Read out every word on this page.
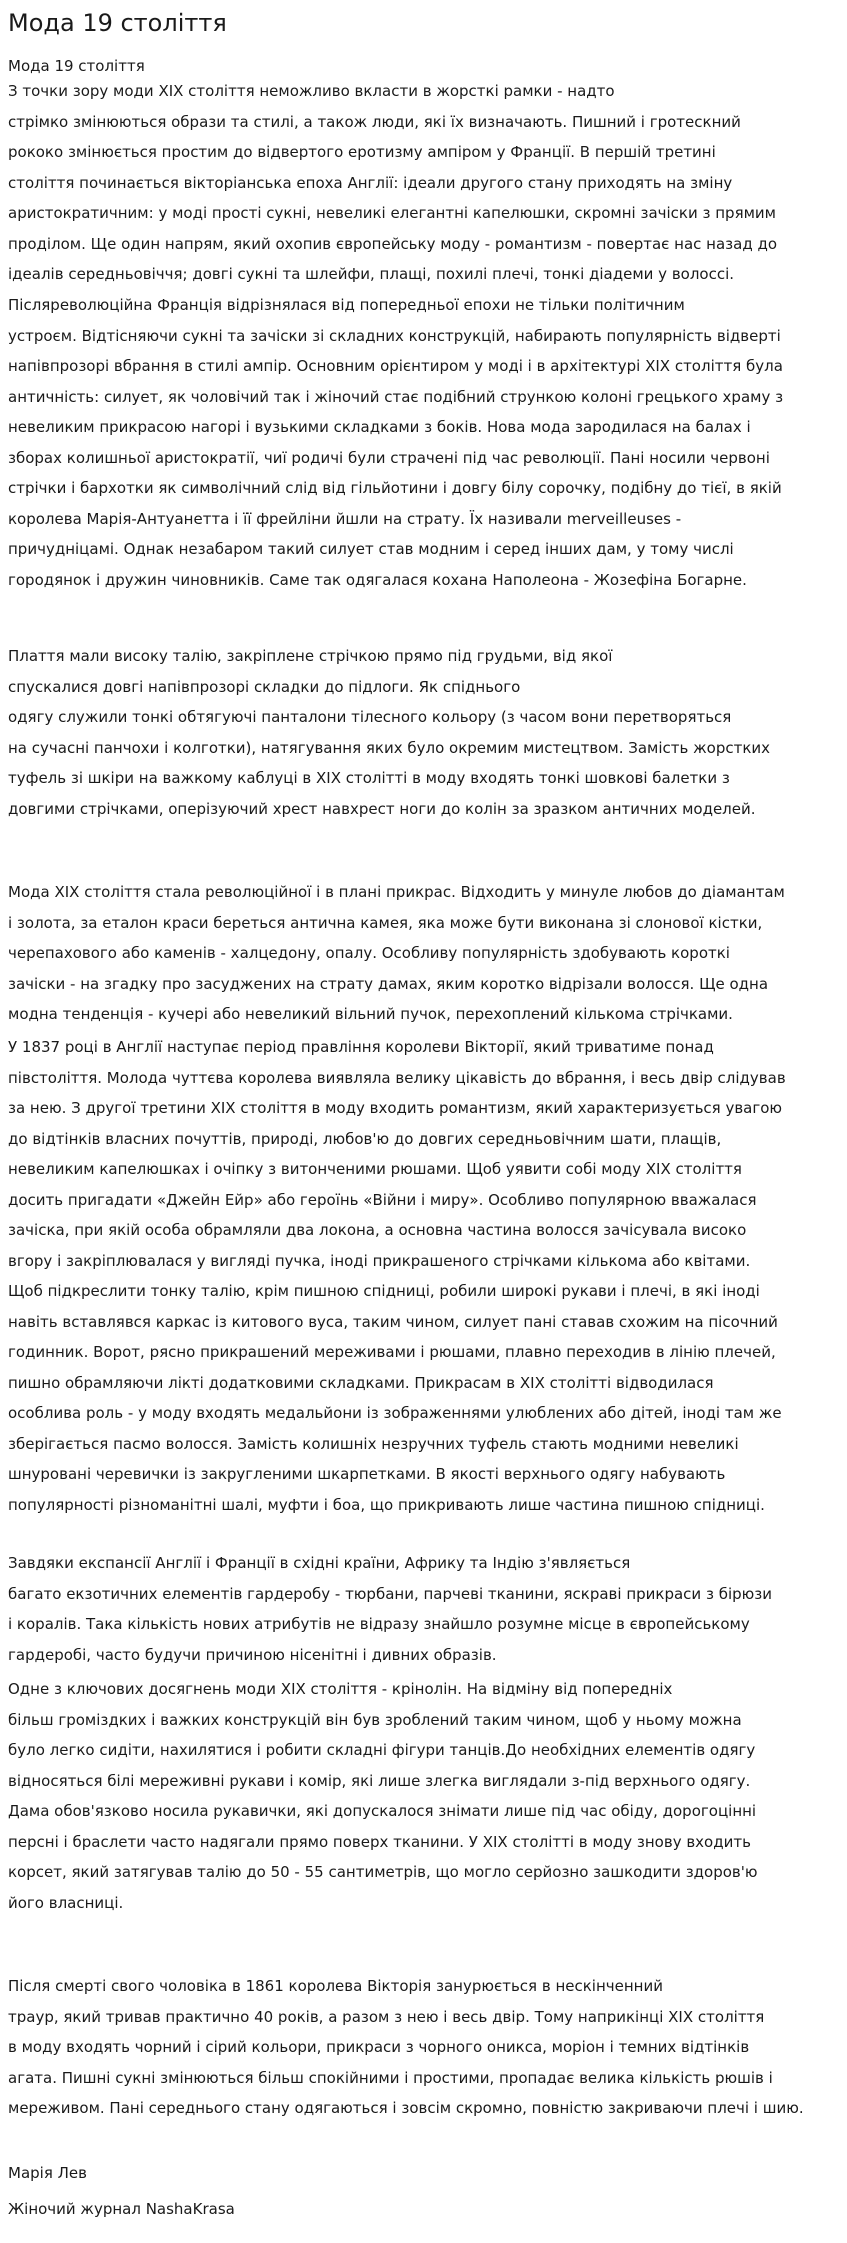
Мода 19 століття
Мода 19 століття
З точки зору моди XIX століття неможливо вкласти в жорсткі рамки - надто
стрімко змінюються образи та стилі, а також люди, які їх визначають. Пишний і гротескний
рококо змінюється простим до відвертого еротизму ампіром у Франції. В першій третині
століття починається вікторіанська епоха Англії: ідеали другого стану приходять на зміну
аристократичним: у моді прості сукні, невеликі елегантні капелюшки, скромні зачіски з прямим
проділом. Ще один напрям, який охопив європейську моду - романтизм - повертає нас назад до
ідеалів середньовіччя; довгі сукні та шлейфи, плащі, похилі плечі, тонкі діадеми у волоссі.
Післяреволюційна Франція відрізнялася від попередньої епохи не тільки політичним
устроєм. Відтісняючи сукні та зачіски зі складних конструкцій, набирають популярність відверті
напівпрозорі вбрання в стилі ампір. Основним орієнтиром у моді і в архітектурі XIX століття була
античність: силует, як чоловічий так і жіночий стає подібний стрункою колоні грецького храму з
невеликим прикрасою нагорі і вузькими складками з боків. Нова мода зародилася на балах і
зборах колишньої аристократії, чиї родичі були страчені під час революції. Пані носили червоні
стрічки і бархотки як символічний слід від гільйотини і довгу білу сорочку, подібну до тієї, в якій
королева Марія-Антуанетта і її фрейліни йшли на страту. Їх називали merveilleuses -
причудніцамі. Однак незабаром такий силует став модним і серед інших дам, у тому числі
городянок і дружин чиновників. Саме так одягалася кохана Наполеона - Жозефіна Богарне.
Плаття мали високу талію, закріплене стрічкою прямо під грудьми, від якої
спускалися довгі напівпрозорі складки до підлоги. Як спіднього
одягу служили тонкі обтягуючі панталони тілесного кольору (з часом вони перетворяться
на сучасні панчохи і колготки), натягування яких було окремим мистецтвом. Замість жорстких
туфель зі шкіри на важкому каблуці в XIX столітті в моду входять тонкі шовкові балетки з
довгими стрічками, оперізуючий хрест навхрест ноги до колін за зразком античних моделей.
Мода XIX століття стала революційної і в плані прикрас. Відходить у минуле любов до діамантам
і золота, за еталон краси береться антична камея, яка може бути виконана зі слонової кістки,
черепахового або каменів - халцедону, опалу. Особливу популярність здобувають короткі
зачіски - на згадку про засуджених на страту дамах, яким коротко відрізали волосся. Ще одна
модна тенденція - кучері або невеликий вільний пучок, перехоплений кількома стрічками.
У 1837 році в Англії наступає період правління королеви Вікторії, який триватиме понад
півстоліття. Молода чуттєва королева виявляла велику цікавість до вбрання, і весь двір слідував
за нею. З другої третини XIX століття в моду входить романтизм, який характеризується увагою
до відтінків власних почуттів, природі, любов'ю до довгих середньовічним шати, плащів,
невеликим капелюшках і очіпку з витонченими рюшами. Щоб уявити собі моду XIX століття
досить пригадати «Джейн Ейр» або героїнь «Війни і миру». Особливо популярною вважалася
зачіска, при якій особа обрамляли два локона, а основна частина волосся зачісувала високо
вгору і закріплювалася у вигляді пучка, іноді прикрашеного стрічками кількома або квітами.
Щоб підкреслити тонку талію, крім пишною спідниці, робили широкі рукави і плечі, в які іноді
навіть вставлявся каркас із китового вуса, таким чином, силует пані ставав схожим на пісочний
годинник. Ворот, рясно прикрашений мереживами і рюшами, плавно переходив в лінію плечей,
пишно обрамляючи лікті додатковими складками. Прикрасам в XIX столітті відводилася
особлива роль - у моду входять медальйони із зображеннями улюблених або дітей, іноді там же
зберігається пасмо волосся. Замість колишніх незручних туфель стають модними невеликі
шнуровані черевички із закругленими шкарпетками. В якості верхнього одягу набувають
популярності різноманітні шалі, муфти і боа, що прикривають лише частина пишною спідниці.
Завдяки експансії Англії і Франції в східні країни, Африку та Індію з'являється
багато екзотичних елементів гардеробу - тюрбани, парчеві тканини, яскраві прикраси з бірюзи
і коралів. Така кількість нових атрибутів не відразу знайшло розумне місце в європейському
гардеробі, часто будучи причиною нісенітні і дивних образів.
Одне з ключових досягнень моди XIX століття - крінолін. На відміну від попередніх
більш громіздких і важких конструкцій він був зроблений таким чином, щоб у ньому можна
було легко сидіти, нахилятися і робити складні фігури танців.До необхідних елементів одягу
відносяться білі мереживні рукави і комір, які лише злегка виглядали з-під верхнього одягу.
Дама обов'язково носила рукавички, які допускалося знімати лише під час обіду, дорогоцінні
персні і браслети часто надягали прямо поверх тканини. У XIX столітті в моду знову входить
корсет, який затягував талію до 50 - 55 сантиметрів, що могло серйозно зашкодити здоров'ю
його власниці.
Після смерті свого чоловіка в 1861 королева Вікторія занурюється в нескінченний
траур, який тривав практично 40 років, а разом з нею і весь двір. Тому наприкінці XIX століття
в моду входять чорний і сірий кольори, прикраси з чорного оникса, моріон і темних відтінків
агата. Пишні сукні змінюються більш спокійними і простими, пропадає велика кількість рюшів і
мереживом. Пані середнього стану одягаються і зовсім скромно, повністю закриваючи плечі і шию.
Марія Лев
Жіночий журнал NashaKrasa
